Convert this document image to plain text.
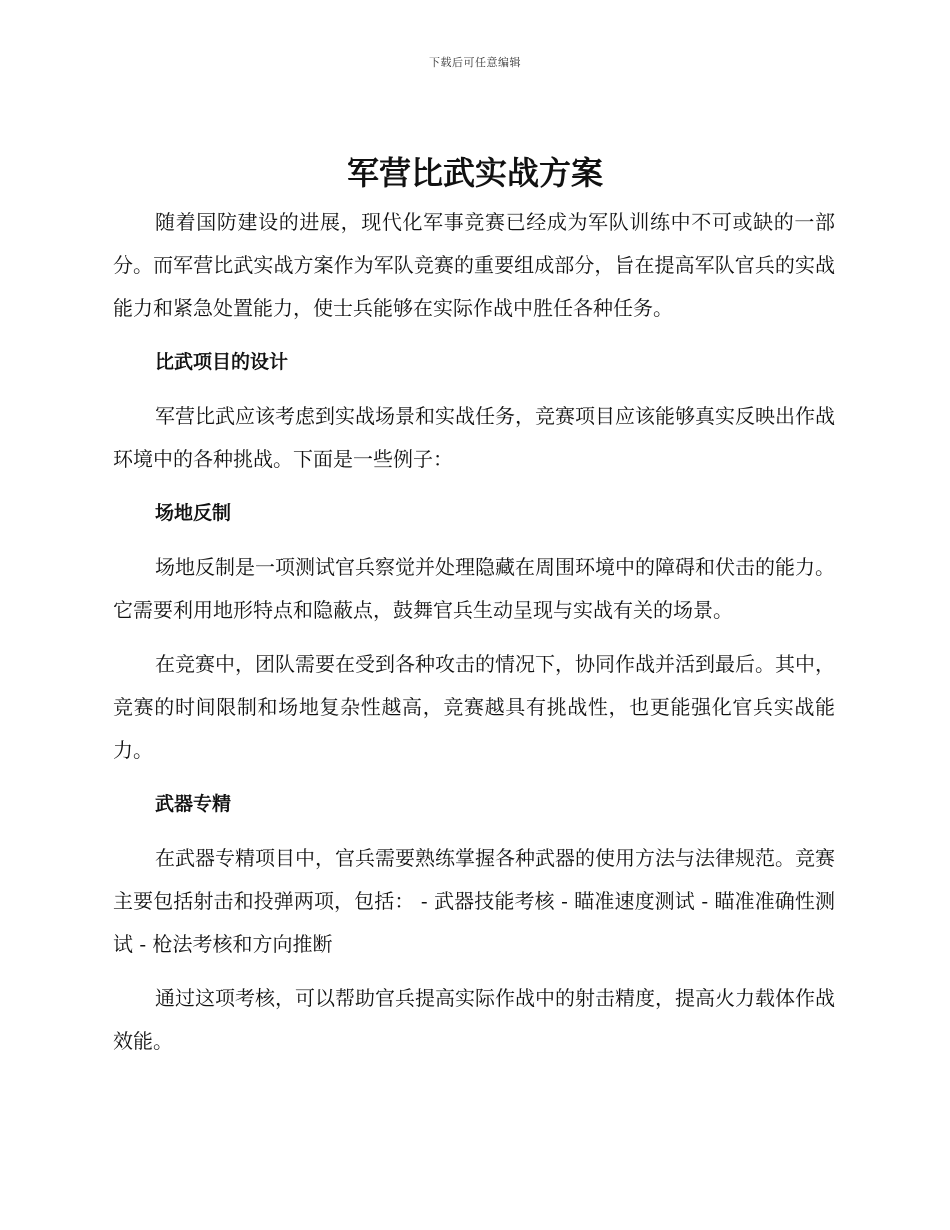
下载后可任意编辑
军营比武实战方案

随着国防建设的进展，现代化军事竞赛已经成为军队训练中不可或缺的一部分。而军营比武实战方案作为军队竞赛的重要组成部分，旨在提高军队官兵的实战能力和紧急处置能力，使士兵能够在实际作战中胜任各种任务。

比武项目的设计

军营比武应该考虑到实战场景和实战任务，竞赛项目应该能够真实反映出作战环境中的各种挑战。下面是一些例子：

场地反制

场地反制是一项测试官兵察觉并处理隐藏在周围环境中的障碍和伏击的能力。它需要利用地形特点和隐蔽点，鼓舞官兵生动呈现与实战有关的场景。

在竞赛中，团队需要在受到各种攻击的情况下，协同作战并活到最后。其中，竞赛的时间限制和场地复杂性越高，竞赛越具有挑战性，也更能强化官兵实战能力。

武器专精

在武器专精项目中，官兵需要熟练掌握各种武器的使用方法与法律规范。竞赛主要包括射击和投弹两项，包括： - 武器技能考核 - 瞄准速度测试 - 瞄准准确性测试 - 枪法考核和方向推断

通过这项考核，可以帮助官兵提高实际作战中的射击精度，提高火力载体作战效能。
